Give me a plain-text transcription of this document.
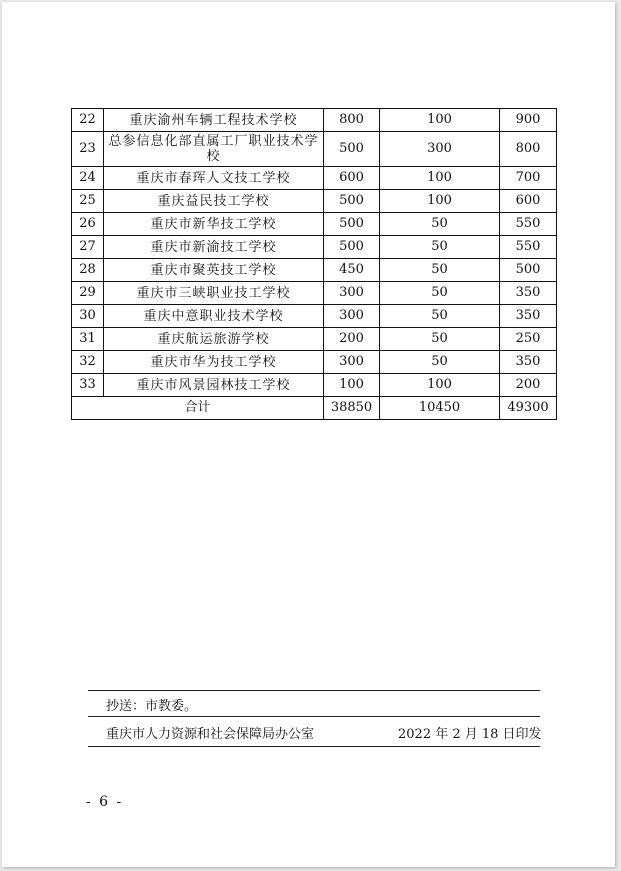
22	重庆渝州车辆工程技术学校	800	100	900
23	总参信息化部直属工厂职业技术学校	500	300	800
24	重庆市春珲人文技工学校	600	100	700
25	重庆益民技工学校	500	100	600
26	重庆市新华技工学校	500	50	550
27	重庆市新渝技工学校	500	50	550
28	重庆市聚英技工学校	450	50	500
29	重庆市三峡职业技工学校	300	50	350
30	重庆中意职业技术学校	300	50	350
31	重庆航运旅游学校	200	50	250
32	重庆市华为技工学校	300	50	350
33	重庆市风景园林技工学校	100	100	200
合计		38850	10450	49300
抄送：市教委。
重庆市人力资源和社会保障局办公室	2022 年 2 月 18 日印发
- 6 -
